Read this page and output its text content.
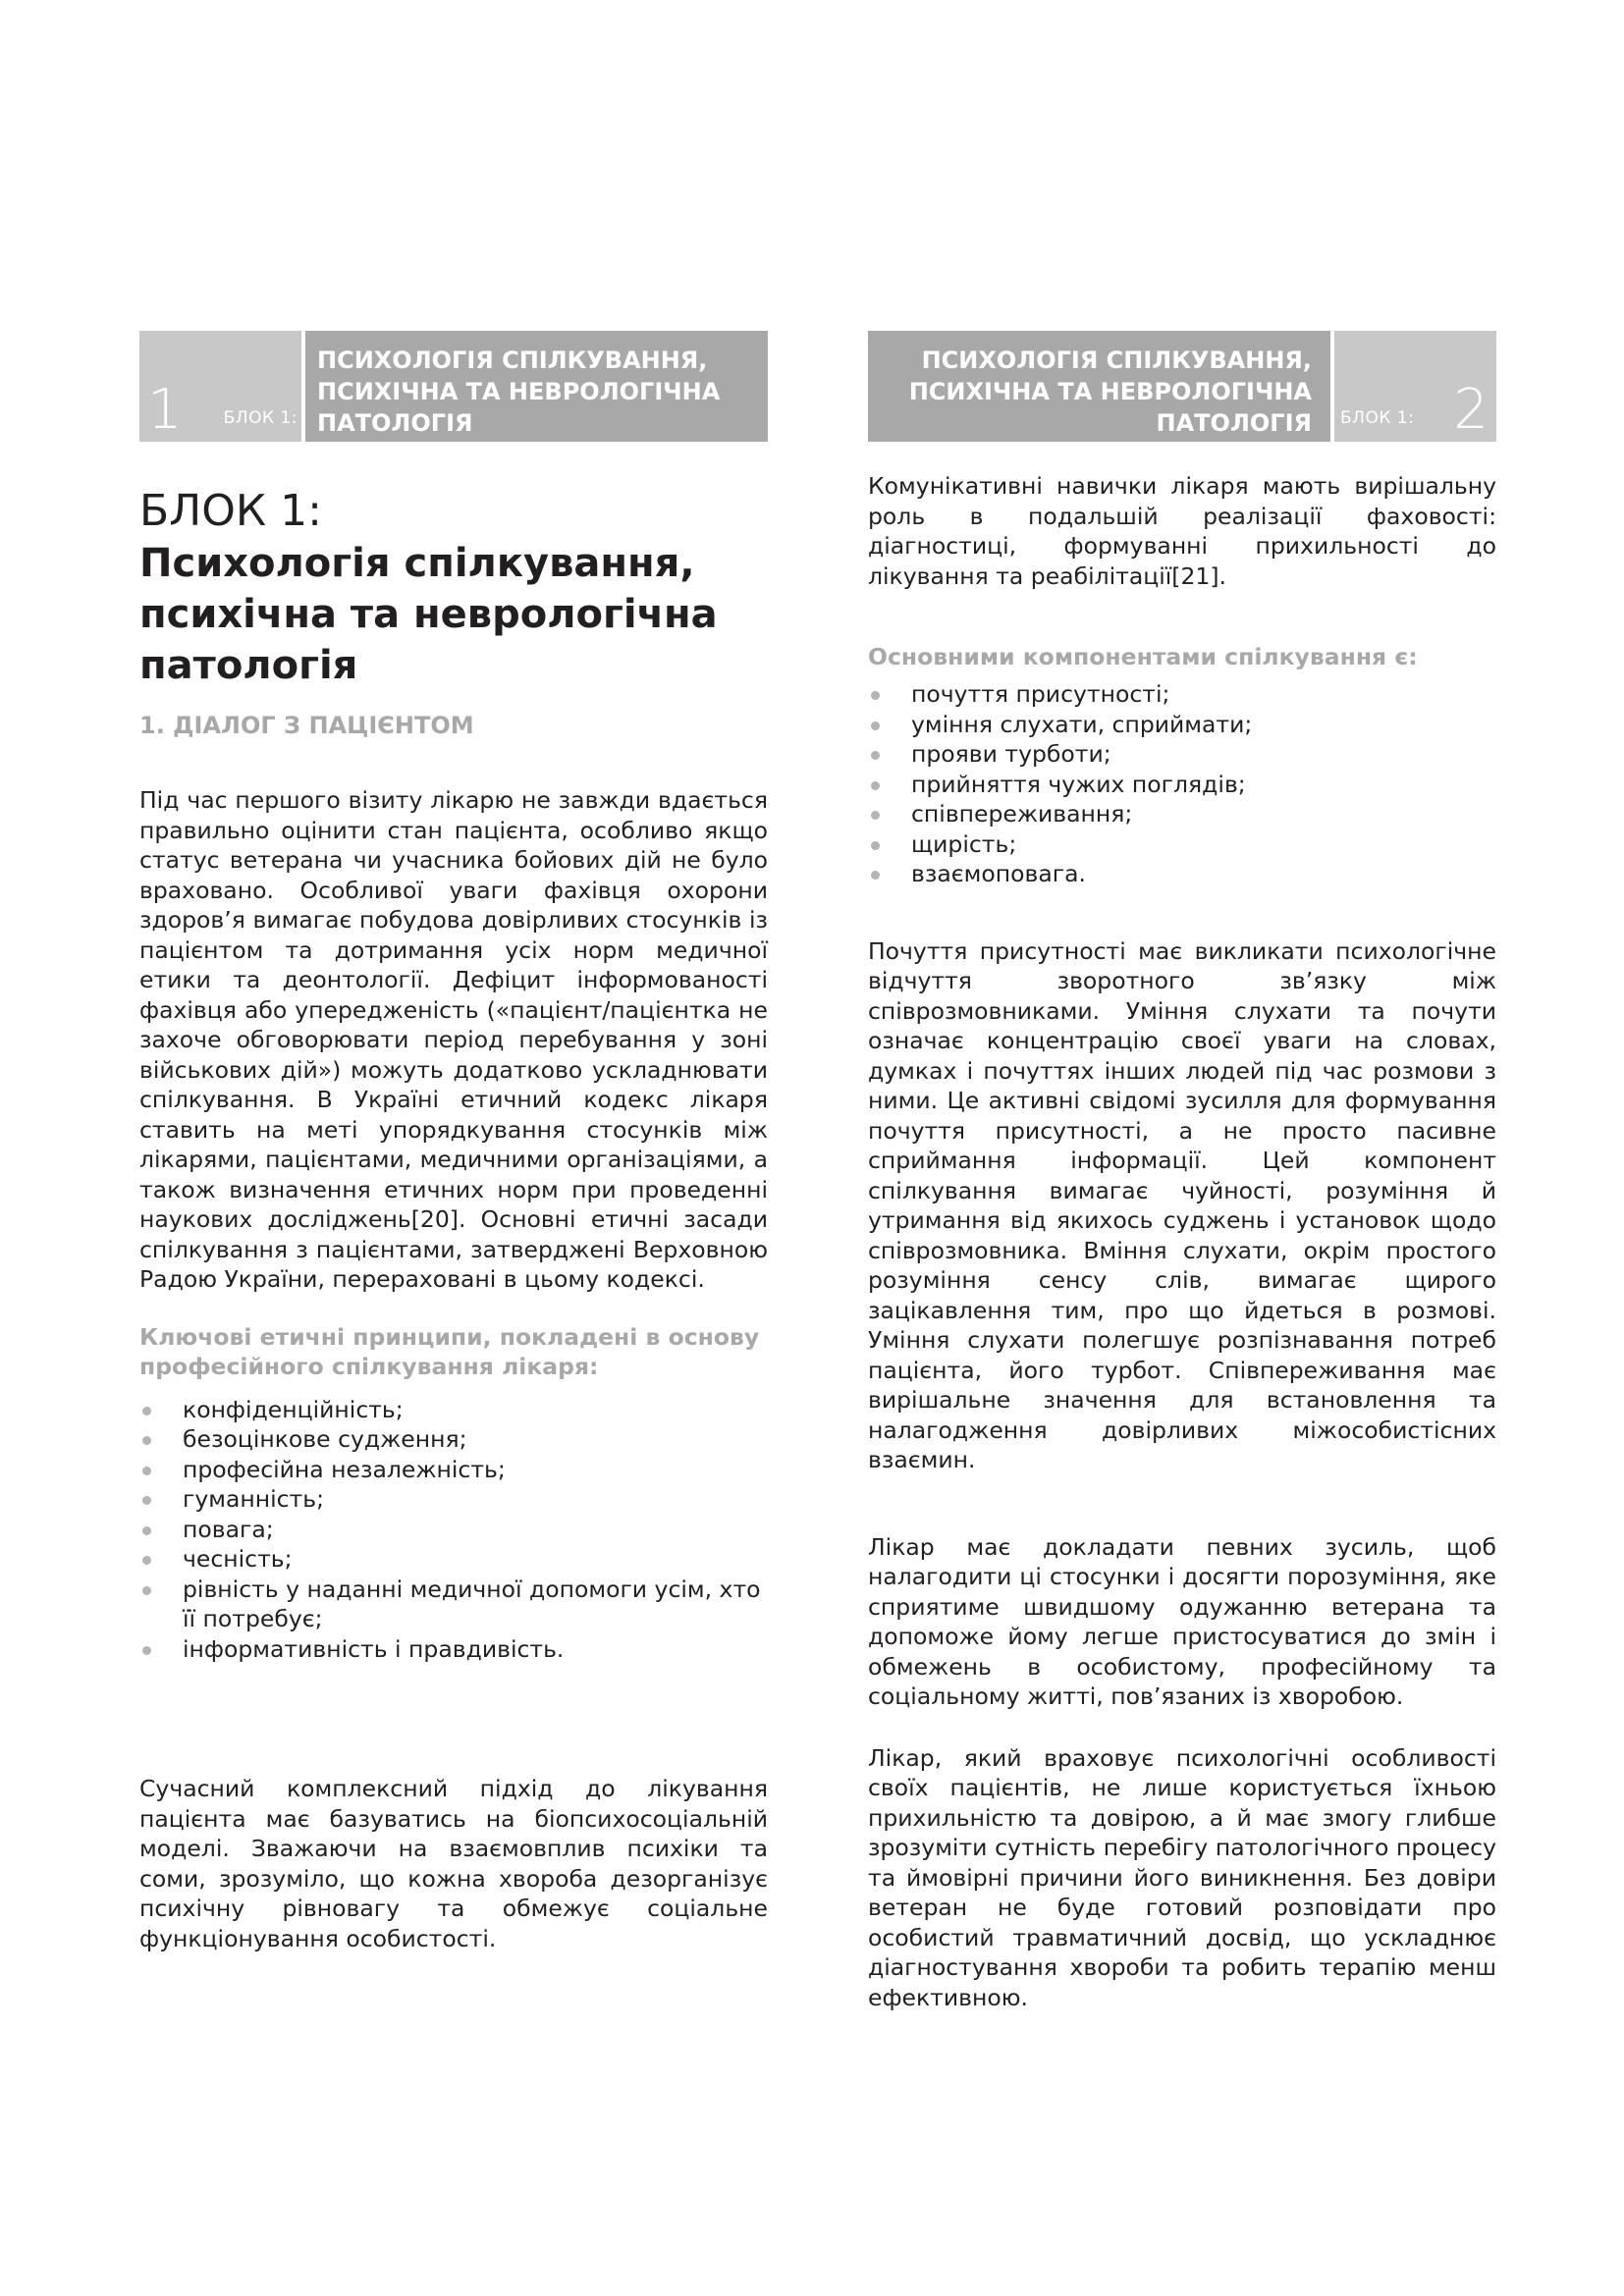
1 БЛОК 1:
ПСИХОЛОГІЯ СПІЛКУВАННЯ,
ПСИХІЧНА ТА НЕВРОЛОГІЧНА
ПАТОЛОГІЯ
БЛОК 1:
Психологія спілкування,
психічна та неврологічна
патологія
1. ДІАЛОГ З ПАЦІЄНТОМ

Під час першого візиту лікарю не завжди вдається правильно оцінити стан пацієнта, особливо якщо статус ветерана чи учасника бойових дій не було враховано. Особливої уваги фахівця охорони здоров’я вимагає побудова довірливих стосунків із пацієнтом та дотримання усіх норм медичної етики та деонтології. Дефіцит інформованості фахівця або упередженість («пацієнт/пацієнтка не захоче обговорювати період перебування у зоні військових дій») можуть додатково ускладнювати спілкування. В Україні етичний кодекс лікаря ставить на меті упорядкування стосунків між лікарями, пацієнтами, медичними організаціями, а також визначення етичних норм при проведенні наукових досліджень[20]. Основні етичні засади спілкування з пацієнтами, затверджені Верховною Радою України, перераховані в цьому кодексі.

Ключові етичні принципи, покладені в основу професійного спілкування лікаря:

конфіденційність;
безоцінкове судження;
професійна незалежність;
гуманність;
повага;
чесність;
рівність у наданні медичної допомоги усім, хто її потребує;
інформативність і правдивість.

Сучасний комплексний підхід до лікування пацієнта має базуватись на біопсихосоціальній моделі. Зважаючи на взаємовплив психіки та соми, зрозуміло, що кожна хвороба дезорганізує психічну рівновагу та обмежує соціальне функціонування особистості.

ПСИХОЛОГІЯ СПІЛКУВАННЯ,
ПСИХІЧНА ТА НЕВРОЛОГІЧНА
ПАТОЛОГІЯ БЛОК 1: 2

Комунікативні навички лікаря мають вирішальну роль в подальшій реалізації фаховості: діагностиці, формуванні прихильності до лікування та реабілітації[21].

Основними компонентами спілкування є:

почуття присутності;
уміння слухати, сприймати;
прояви турботи;
прийняття чужих поглядів;
співпереживання;
щирість;
взаємоповага.

Почуття присутності має викликати психологічне відчуття зворотного зв’язку між співрозмовниками. Уміння слухати та почути означає концентрацію своєї уваги на словах, думках і почуттях інших людей під час розмови з ними. Це активні свідомі зусилля для формування почуття присутності, а не просто пасивне сприймання інформації. Цей компонент спілкування вимагає чуйності, розуміння й утримання від якихось суджень і установок щодо співрозмовника. Вміння слухати, окрім простого розуміння сенсу слів, вимагає щирого зацікавлення тим, про що йдеться в розмові. Уміння слухати полегшує розпізнавання потреб пацієнта, його турбот. Співпереживання має вирішальне значення для встановлення та налагодження довірливих міжособистісних взаємин.

Лікар має докладати певних зусиль, щоб налагодити ці стосунки і досягти порозуміння, яке сприятиме швидшому одужанню ветерана та допоможе йому легше пристосуватися до змін і обмежень в особистому, професійному та соціальному житті, пов’язаних із хворобою.

Лікар, який враховує психологічні особливості своїх пацієнтів, не лише користується їхньою прихильністю та довірою, а й має змогу глибше зрозуміти сутність перебігу патологічного процесу та ймовірні причини його виникнення. Без довіри ветеран не буде готовий розповідати про особистий травматичний досвід, що ускладнює діагностування хвороби та робить терапію менш ефективною.
